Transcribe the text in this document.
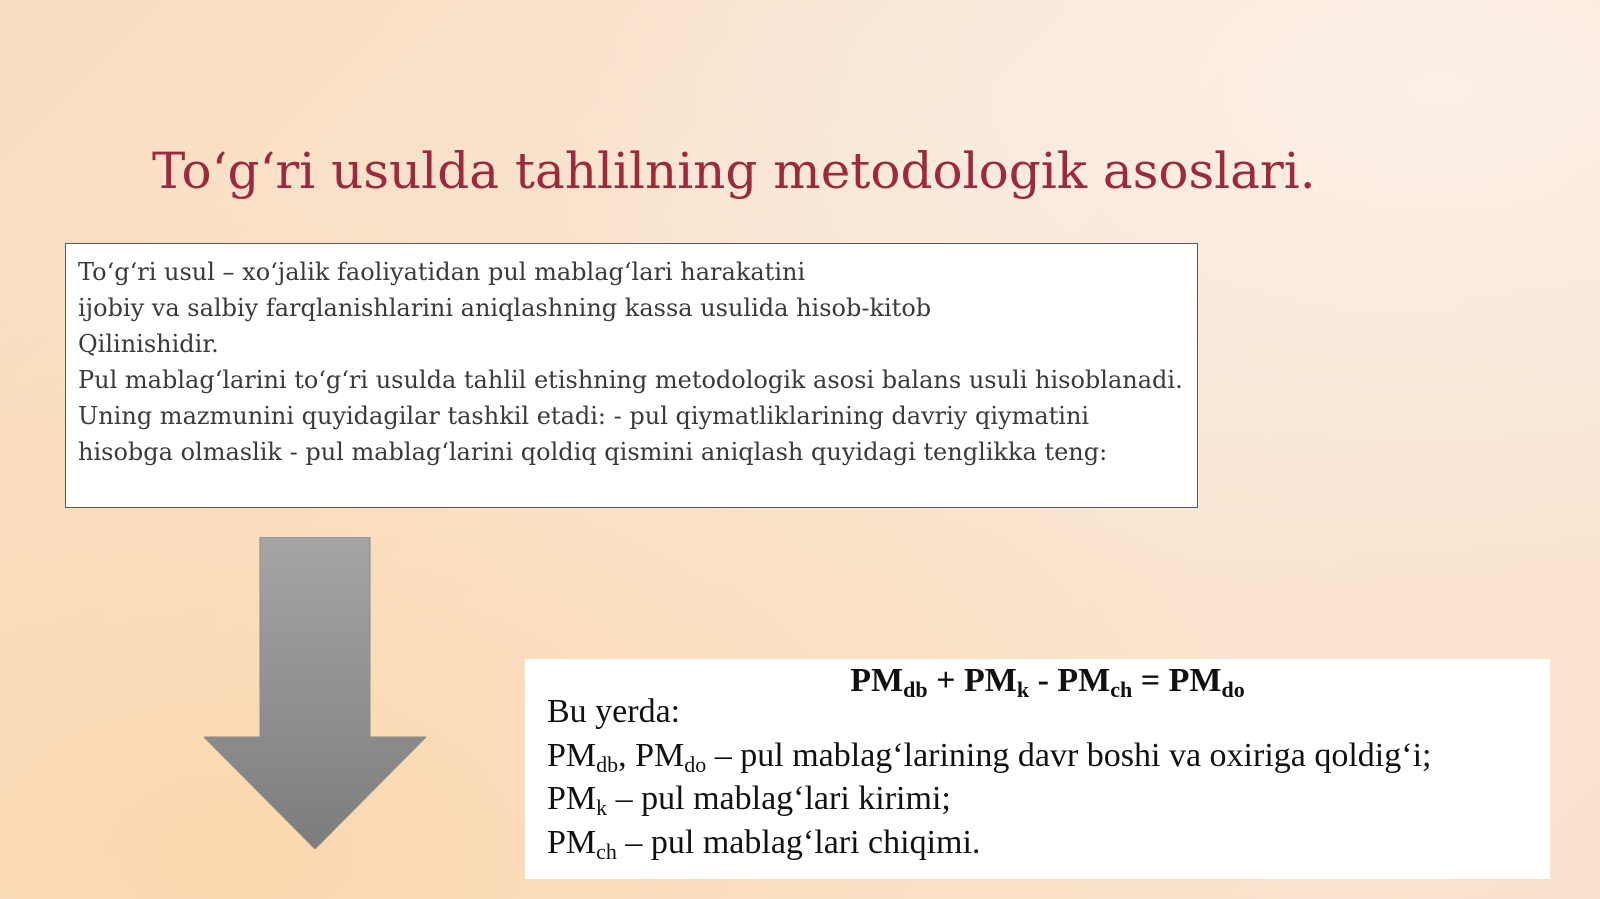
To‘g‘ri usulda tahlilning metodologik asoslari.
To‘g‘ri usul – xo‘jalik faoliyatidan pul mablag‘lari harakatini
ijobiy va salbiy farqlanishlarini aniqlashning kassa usulida hisob-kitob
Qilinishidir.
Pul mablag‘larini to‘g‘ri usulda tahlil etishning metodologik asosi balans usuli hisoblanadi.
Uning mazmunini quyidagilar tashkil etadi: - pul qiymatliklarining davriy qiymatini
hisobga olmaslik - pul mablag‘larini qoldiq qismini aniqlash quyidagi tenglikka teng:
$PM_{db} + PM_k - PM_{ch} = PM_{do}$
Bu yerda:
$PM_{db}$, $PM_{do}$ – pul mablag‘larining davr boshi va oxiriga qoldig‘i;
$PM_k$ – pul mablag‘lari kirimi;
$PM_{ch}$ – pul mablag‘lari chiqimi.
